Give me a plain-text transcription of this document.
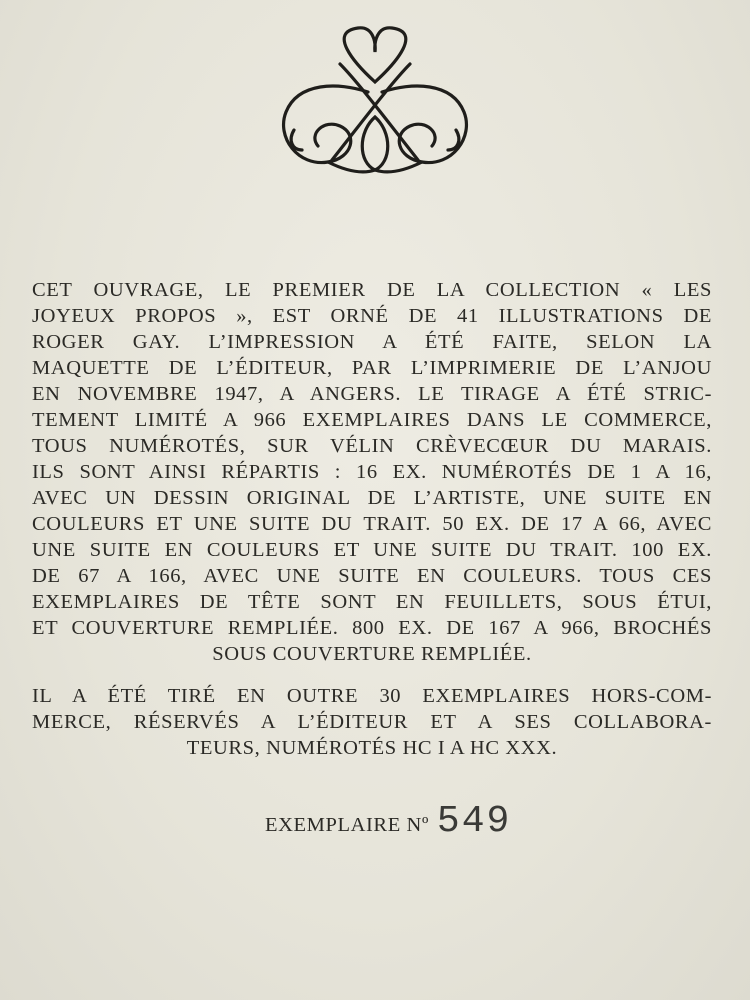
CET OUVRAGE, LE PREMIER DE LA COLLECTION « LES

JOYEUX PROPOS », EST ORNÉ DE 41 ILLUSTRATIONS DE

ROGER GAY. L’IMPRESSION A ÉTÉ FAITE, SELON LA

MAQUETTE DE L’ÉDITEUR, PAR L’IMPRIMERIE DE L’ANJOU

EN NOVEMBRE 1947, A ANGERS. LE TIRAGE A ÉTÉ STRIC-

TEMENT LIMITÉ A 966 EXEMPLAIRES DANS LE COMMERCE,

TOUS NUMÉROTÉS, SUR VÉLIN CRÈVECŒUR DU MARAIS.

ILS SONT AINSI RÉPARTIS : 16 EX. NUMÉROTÉS DE 1 A 16,

AVEC UN DESSIN ORIGINAL DE L’ARTISTE, UNE SUITE EN

COULEURS ET UNE SUITE DU TRAIT. 50 EX. DE 17 A 66, AVEC

UNE SUITE EN COULEURS ET UNE SUITE DU TRAIT. 100 EX.

DE 67 A 166, AVEC UNE SUITE EN COULEURS. TOUS CES

EXEMPLAIRES DE TÊTE SONT EN FEUILLETS, SOUS ÉTUI,

ET COUVERTURE REMPLIÉE. 800 EX. DE 167 A 966, BROCHÉS

SOUS COUVERTURE REMPLIÉE.

IL A ÉTÉ TIRÉ EN OUTRE 30 EXEMPLAIRES HORS-COM-

MERCE, RÉSERVÉS A L’ÉDITEUR ET A SES COLLABORA-

TEURS, NUMÉROTÉS HC I A HC XXX.

EXEMPLAIRE Nº 549
